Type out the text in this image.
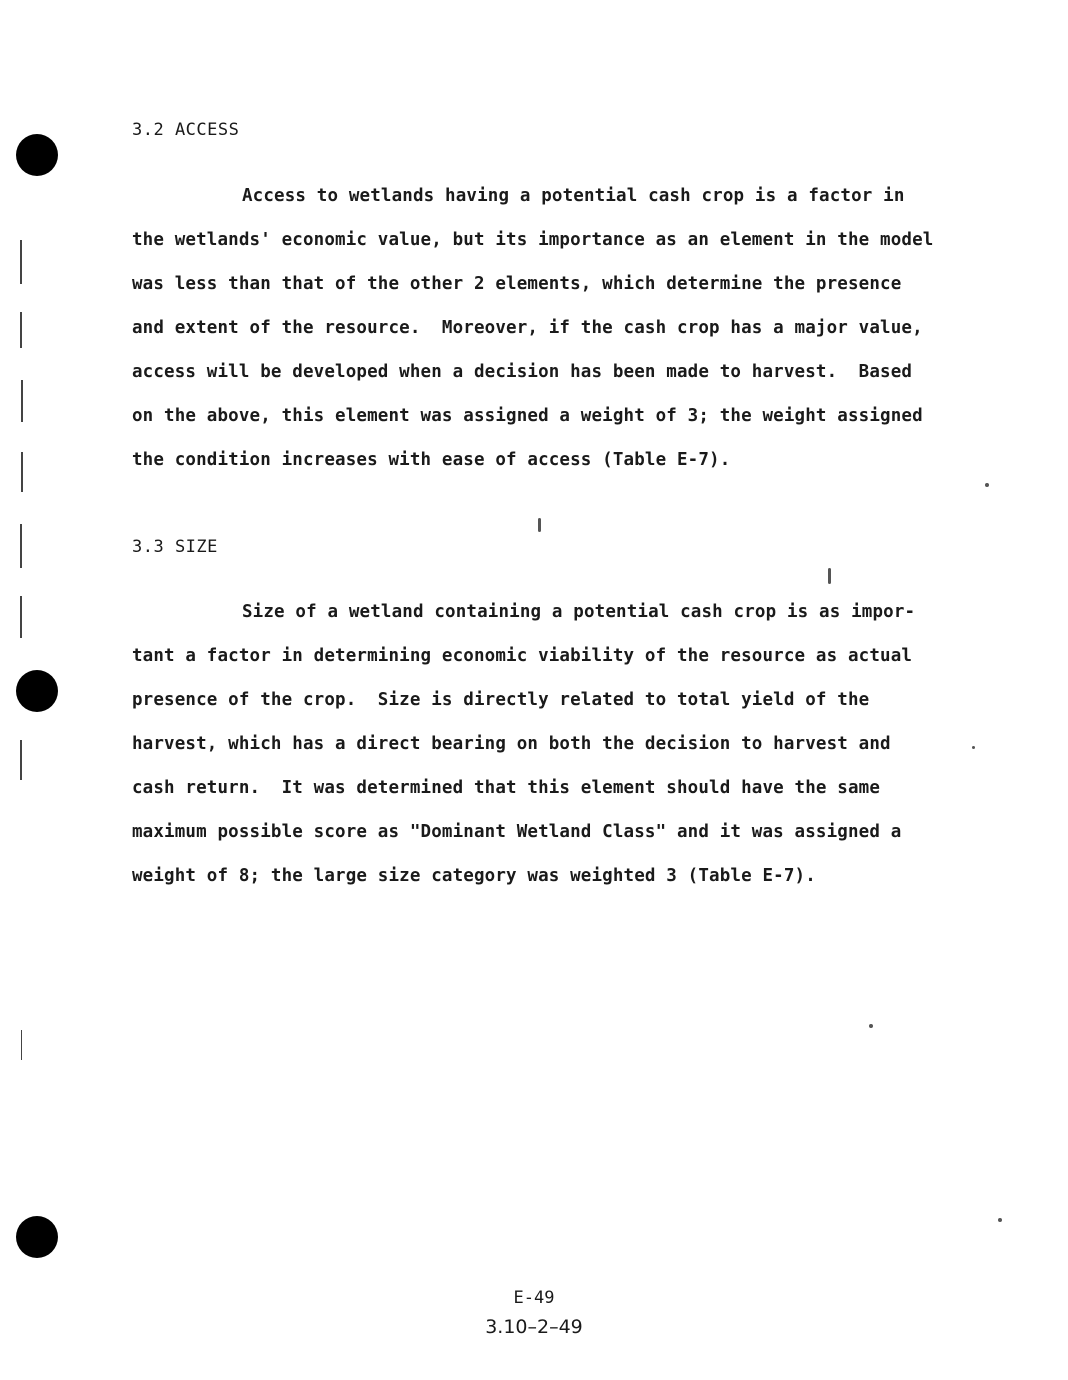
3.2 ACCESS
Access to wetlands having a potential cash crop is a factor in
the wetlands' economic value, but its importance as an element in the model
was less than that of the other 2 elements, which determine the presence
and extent of the resource.  Moreover, if the cash crop has a major value,
access will be developed when a decision has been made to harvest.  Based
on the above, this element was assigned a weight of 3; the weight assigned
the condition increases with ease of access (Table E-7).
3.3 SIZE
Size of a wetland containing a potential cash crop is as impor-
tant a factor in determining economic viability of the resource as actual
presence of the crop.  Size is directly related to total yield of the
harvest, which has a direct bearing on both the decision to harvest and
cash return.  It was determined that this element should have the same
maximum possible score as "Dominant Wetland Class" and it was assigned a
weight of 8; the large size category was weighted 3 (Table E-7).

E-49

3.10–2–49
